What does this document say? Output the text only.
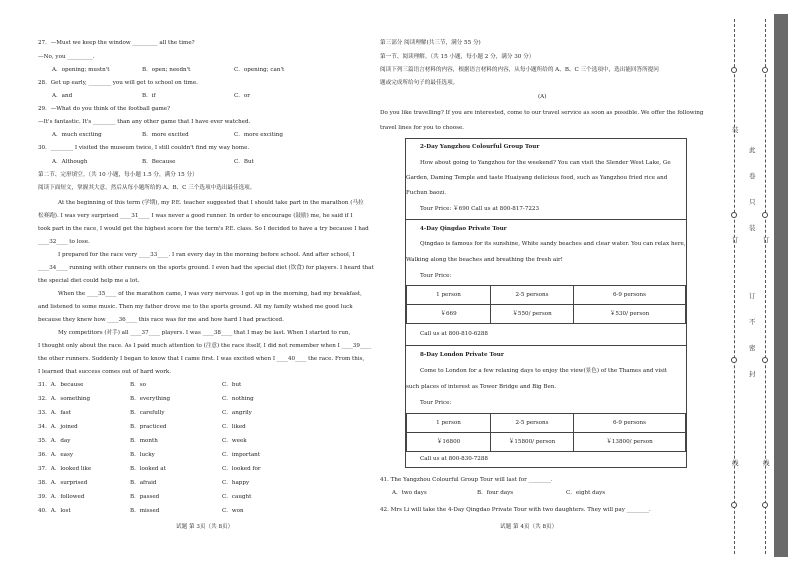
27．—Must we keep the window _________ all the time?
—No, you _________.
A．opening; mustn't	B．open; needn't	C．opening; can't
28．Get up early, ________ you will get to school on time.
A．and	B．if	C．or
29．—What do you think of the football game?
—It's fantastic. It's ________ than any other game that I have ever watched.
A．much exciting	B．more excited	C．more exciting
30．________ I visited the museum twice, I still couldn't find my way home.
A．Although	B．Because	C．But
第二节、完形填空。（共 10 小题，每小题 1.5 分，满分 15 分）
阅读下面短文，掌握其大意，然后从每小题所给的 A、B、C 三个选项中选出最佳选项。
At the beginning of this term (学期), my P.E. teacher suggested that I should take part in the marathon (马拉
松赛跑). I was very surprised ____31____ I was never a good runner. In order to encourage (鼓励) me, he said if I
took part in the race, I would get the highest score for the term's P.E. class. So I decided to have a try because I had
____32____ to lose.
I prepared for the race very ____33____. I ran every day in the morning before school. And after school, I
____34____ running with other runners on the sports ground. I even had the special diet (饮食) for players. I heard that
the special diet could help me a lot.
When the ____35____ of the marathon came, I was very nervous. I got up in the morning, had my breakfast,
and listened to some music. Then my father drove me to the sports ground. All my family wished me good luck
because they knew how ____36____ this race was for me and how hard I had practiced.
My competitors (对手) all ____37____ players. I was ____38____ that I may be last. When I started to run,
I thought only about the race. As I paid much attention to (注意) the race itself, I did not remember when I ____39____
the other runners. Suddenly I began to know that I came first. I was excited when I ____40____ the race. From this,
I learned that success comes out of hard work.
31．A．because	B．so	C．but
32．A．something	B．everything	C．nothing
33．A．fast	B．carefully	C．angrily
34．A．joined	B．practiced	C．liked
35．A．day	B．month	C．week
36．A．easy	B．lucky	C．important
37．A．looked like	B．looked at	C．looked for
38．A．surprised	B．afraid	C．happy
39．A．followed	B．passed	C．caught
40．A．lost	B．missed	C．won
试题 第 3页（共 8页）
第三部分 阅读理解(共三节，满分 55 分)
第一节、阅读理解。（共 15 小题，每小题 2 分，满分 30 分）
阅读下列三篇语言材料的内容，根据语言材料的内容，从每小题所给的 A、B、C 三个选项中，选出能回答所提问
题或完成所给句子的最佳选项。
(A)
Do you like travelling? If you are interested, come to our travel service as soon as possible. We offer the following
travel lines for you to choose.
2-Day Yangzhou Colourful Group Tour
How about going to Yangzhou for the weekend? You can visit the Slender West Lake, Ge
Garden, Daming Temple and taste Huaiyang delicious food, such as Yangzhou fried rice and
Fuchun baozi.
Tour Price: ￥690 Call us at 800-817-7223
4-Day Qingdao Private Tour
Qingdao is famous for its sunshine, White sandy beaches and clear water. You can relax here,
Walking along the beaches and breathing the fresh air!
Tour Price:
1 person	2-5 persons	6-9 persons
￥669	￥550/ person	￥530/ person
Call us at 800-810-6288
8-Day London Private Tour
Come to London for a few relaxing days to enjoy the view(景色) of the Thames and visit
such places of interest as Tower Bridge and Big Ben.
Tour Price:
1 person	2-5 persons	6-9 persons
￥16800	￥15800/ person	￥13800/ person
Call us at 800-830-7288
41. The Yangzhou Colourful Group Tour will last for ________.
A．two days	B．four days	C．eight days
42. Mrs Li will take the 4-Day Qingdao Private Tour with two daughters. They will pay ________.
试题 第 4页（共 8页）
装
订
线
订
线
此
卷
只
装
订
不
密
封
